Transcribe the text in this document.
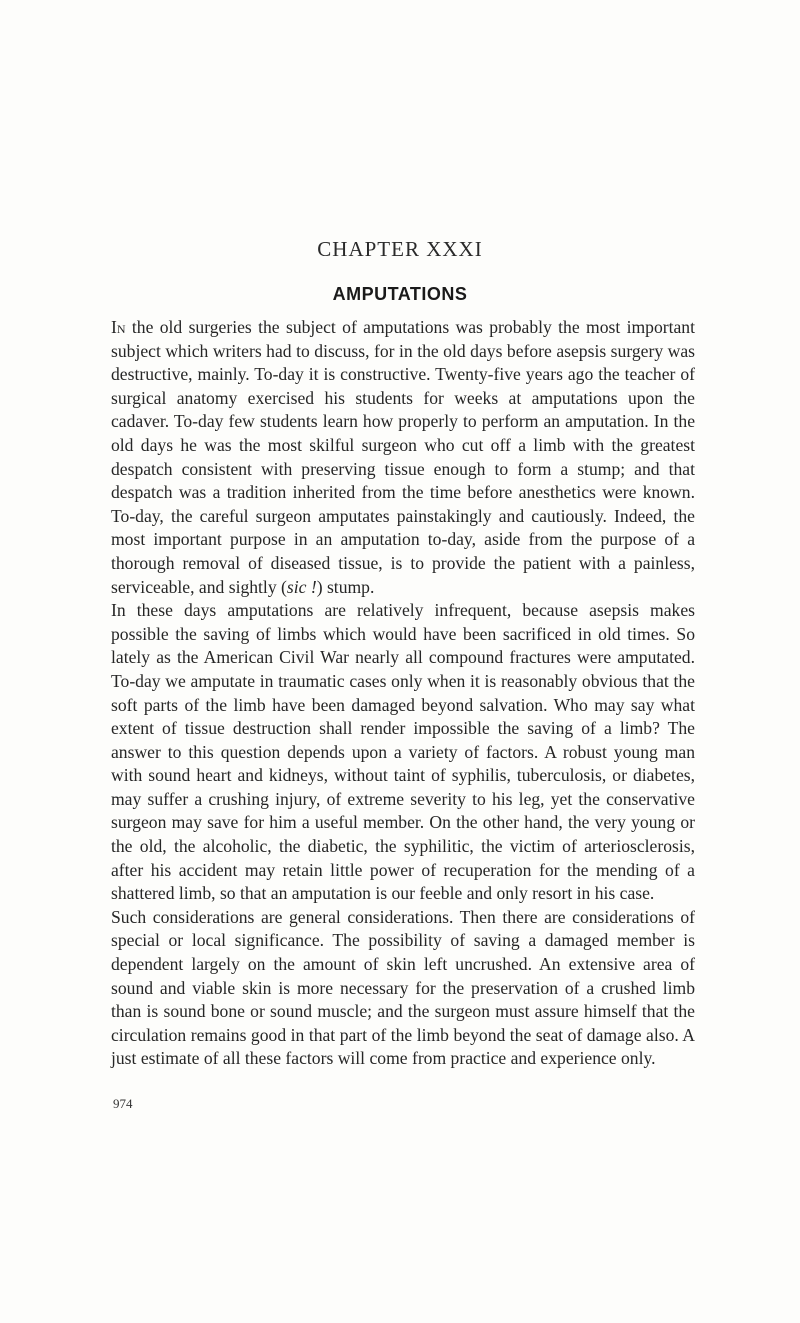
CHAPTER XXXI
AMPUTATIONS

In the old surgeries the subject of amputations was probably the most important subject which writers had to discuss, for in the old days before asepsis surgery was destructive, mainly. To-day it is constructive. Twenty-five years ago the teacher of surgical anatomy exercised his students for weeks at amputations upon the cadaver. To-day few students learn how properly to perform an amputation. In the old days he was the most skilful surgeon who cut off a limb with the greatest despatch consistent with preserving tissue enough to form a stump; and that despatch was a tradition inherited from the time before anesthetics were known. To-day, the careful surgeon amputates painstakingly and cautiously. Indeed, the most important purpose in an amputation to-day, aside from the purpose of a thorough removal of diseased tissue, is to provide the patient with a painless, serviceable, and sightly (sic !) stump.

In these days amputations are relatively infrequent, because asepsis makes possible the saving of limbs which would have been sacrificed in old times. So lately as the American Civil War nearly all compound fractures were amputated. To-day we amputate in traumatic cases only when it is reasonably obvious that the soft parts of the limb have been damaged beyond salvation. Who may say what extent of tissue destruction shall render impossible the saving of a limb? The answer to this question depends upon a variety of factors. A robust young man with sound heart and kidneys, without taint of syphilis, tuberculosis, or diabetes, may suffer a crushing injury, of extreme severity to his leg, yet the conservative surgeon may save for him a useful member. On the other hand, the very young or the old, the alcoholic, the diabetic, the syphilitic, the victim of arteriosclerosis, after his accident may retain little power of recuperation for the mending of a shattered limb, so that an amputation is our feeble and only resort in his case.

Such considerations are general considerations. Then there are considerations of special or local significance. The possibility of saving a damaged member is dependent largely on the amount of skin left uncrushed. An extensive area of sound and viable skin is more necessary for the preservation of a crushed limb than is sound bone or sound muscle; and the surgeon must assure himself that the circulation remains good in that part of the limb beyond the seat of damage also. A just estimate of all these factors will come from practice and experience only.

974
